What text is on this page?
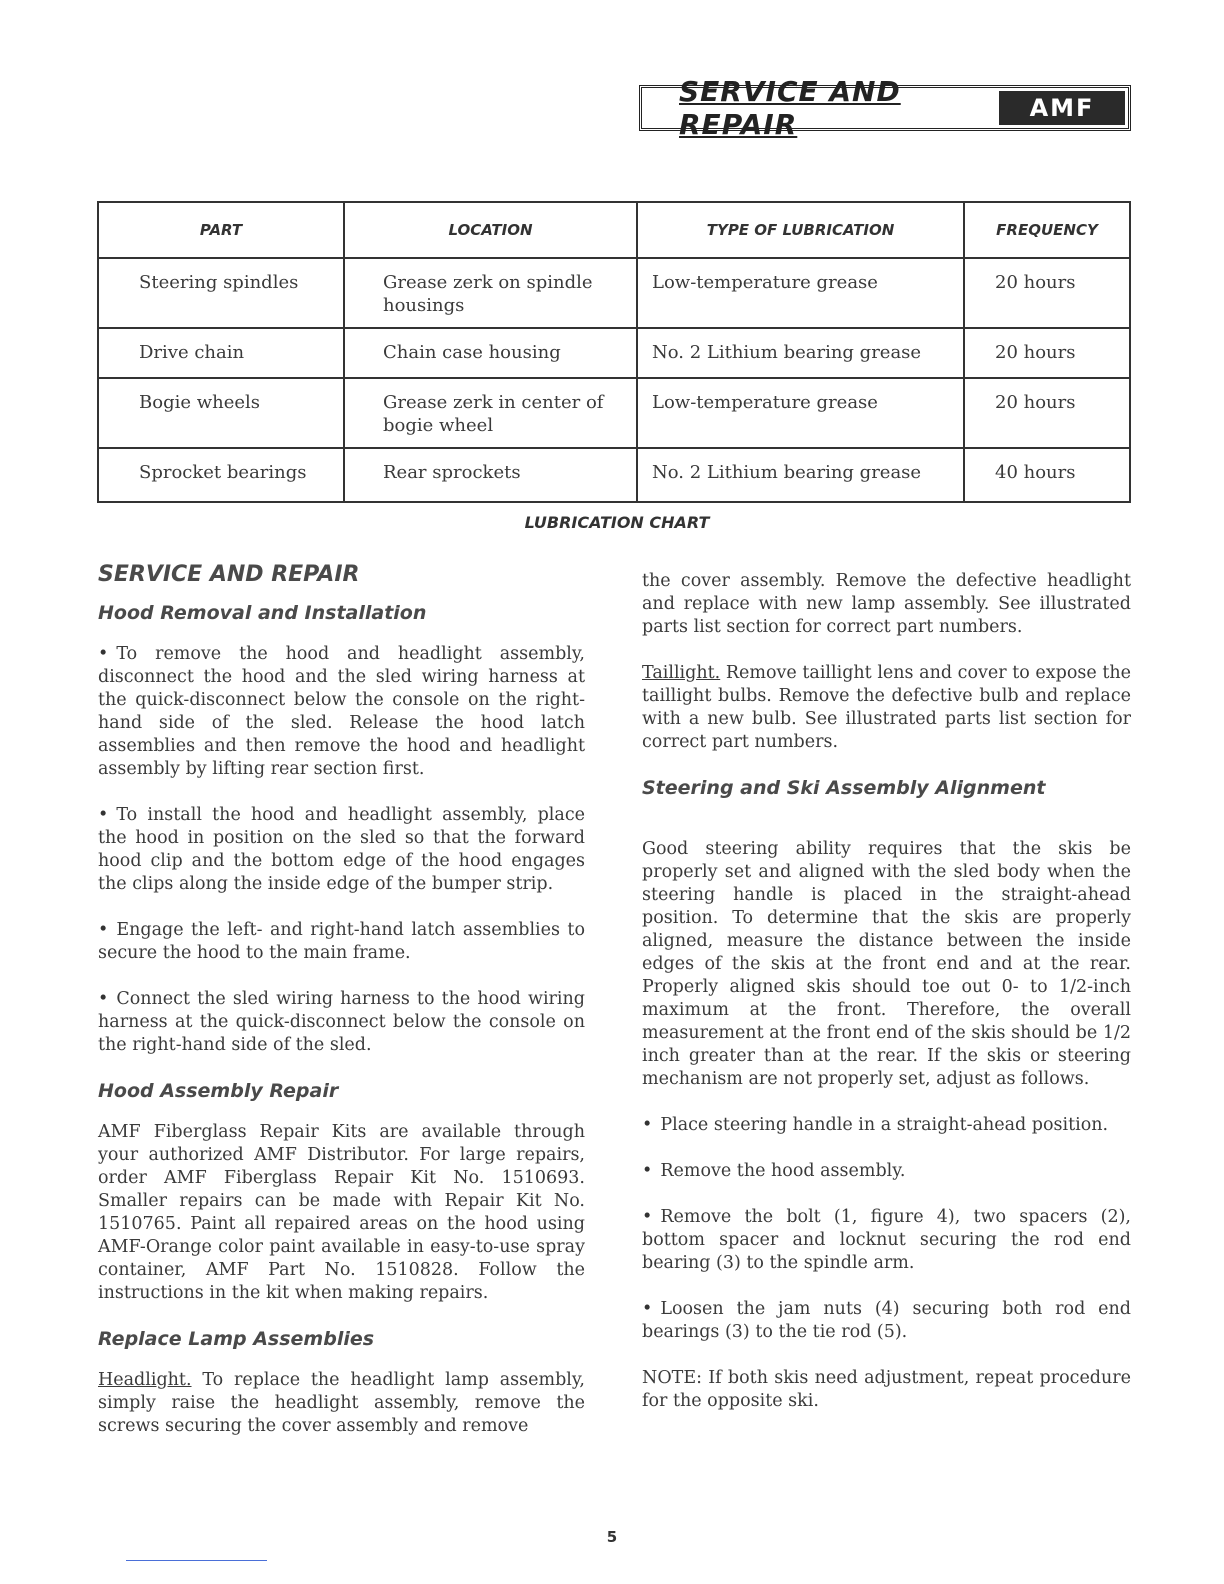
SERVICE AND REPAIR	AMF
PART	LOCATION	TYPE OF LUBRICATION	FREQUENCY
Steering spindles	Grease zerk on spindle housings	Low-temperature grease	20 hours
Drive chain	Chain case housing	No. 2 Lithium bearing grease	20 hours
Bogie wheels	Grease zerk in center of bogie wheel	Low-temperature grease	20 hours
Sprocket bearings	Rear sprockets	No. 2 Lithium bearing grease	40 hours
LUBRICATION CHART
SERVICE AND REPAIR
Hood Removal and Installation

• To remove the hood and headlight assembly, disconnect the hood and the sled wiring harness at the quick-disconnect below the console on the right-hand side of the sled. Release the hood latch assemblies and then remove the hood and headlight assembly by lifting rear section first.

• To install the hood and headlight assembly, place the hood in position on the sled so that the forward hood clip and the bottom edge of the hood engages the clips along the inside edge of the bumper strip.

• Engage the left- and right-hand latch assemblies to secure the hood to the main frame.

• Connect the sled wiring harness to the hood wiring harness at the quick-disconnect below the console on the right-hand side of the sled.

Hood Assembly Repair

AMF Fiberglass Repair Kits are available through your authorized AMF Distributor. For large repairs, order AMF Fiberglass Repair Kit No. 1510693. Smaller repairs can be made with Repair Kit No. 1510765. Paint all repaired areas on the hood using AMF-Orange color paint available in easy-to-use spray container, AMF Part No. 1510828. Follow the instructions in the kit when making repairs.

Replace Lamp Assemblies

Headlight. To replace the headlight lamp assembly, simply raise the headlight assembly, remove the screws securing the cover assembly and remove

the cover assembly. Remove the defective headlight and replace with new lamp assembly. See illustrated parts list section for correct part numbers.

Taillight. Remove taillight lens and cover to expose the taillight bulbs. Remove the defective bulb and replace with a new bulb. See illustrated parts list section for correct part numbers.

Steering and Ski Assembly Alignment

Good steering ability requires that the skis be properly set and aligned with the sled body when the steering handle is placed in the straight-ahead position. To determine that the skis are properly aligned, measure the distance between the inside edges of the skis at the front end and at the rear. Properly aligned skis should toe out 0- to 1/2-inch maximum at the front. Therefore, the overall measurement at the front end of the skis should be 1/2 inch greater than at the rear. If the skis or steering mechanism are not properly set, adjust as follows.

• Place steering handle in a straight-ahead position.

• Remove the hood assembly.

• Remove the bolt (1, figure 4), two spacers (2), bottom spacer and locknut securing the rod end bearing (3) to the spindle arm.

• Loosen the jam nuts (4) securing both rod end bearings (3) to the tie rod (5).

NOTE: If both skis need adjustment, repeat procedure for the opposite ski.

5
